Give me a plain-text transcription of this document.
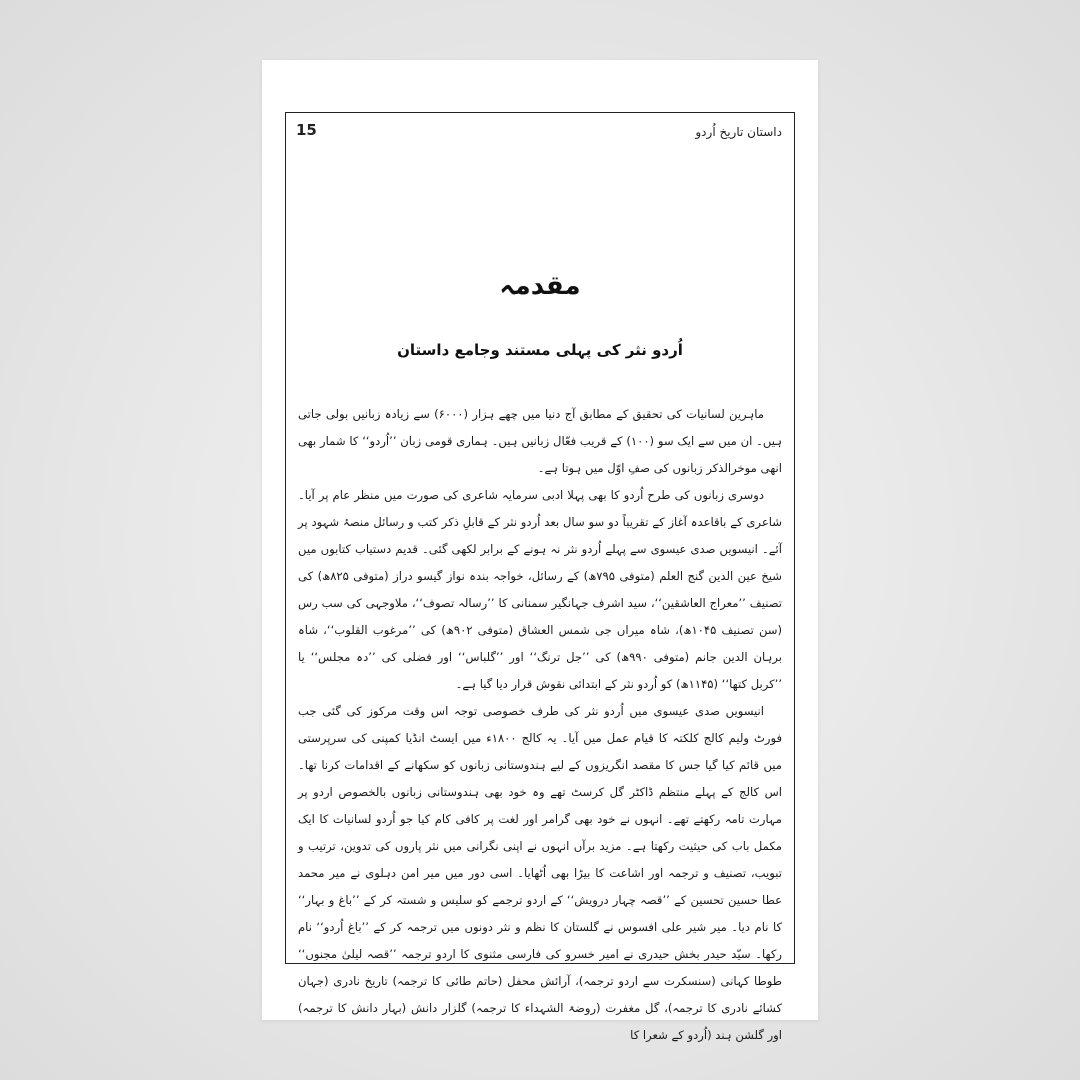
15	داستان تاریخ اُردو
مقدمہ
اُردو نثر کی پہلی مستند وجامع داستان

ماہرین لسانیات کی تحقیق کے مطابق آج دنیا میں چھے ہزار (۶۰۰۰) سے زیادہ زبانیں بولی جاتی ہیں۔ ان میں سے ایک سو (۱۰۰) کے قریب فعّال زبانیں ہیں۔ ہماری قومی زبان ’’اُردو‘‘ کا شمار بھی انھی موخرالذکر زبانوں کی صفِ اوّل میں ہوتا ہے۔

دوسری زبانوں کی طرح اُردو کا بھی پہلا ادبی سرمایہ شاعری کی صورت میں منظر عام پر آیا۔ شاعری کے باقاعدہ آغاز کے تقریباً دو سو سال بعد اُردو نثر کے قابلِ ذکر کتب و رسائل منصۂ شہود پر آئے۔ انیسویں صدی عیسوی سے پہلے اُردو نثر نہ ہونے کے برابر لکھی گئی۔ قدیم دستیاب کتابوں میں شیخ عین الدین گنج العلم (متوفی ۷۹۵ھ) کے رسائل، خواجہ بندہ نواز گیسو دراز (متوفی ۸۲۵ھ) کی تصنیف ’’معراج العاشقین‘‘، سید اشرف جہانگیر سمنانی کا ’’رسالہ تصوف‘‘، ملاوجہی کی سب رس (سن تصنیف ۱۰۴۵ھ)، شاہ میراں جی شمس العشاق (متوفی ۹۰۲ھ) کی ’’مرغوب القلوب‘‘، شاہ برہان الدین جانم (متوفی ۹۹۰ھ) کی ’’جل ترنگ‘‘ اور ’’گلباس‘‘ اور فضلی کی ’’دہ مجلس‘‘ یا ’’کربل کتھا‘‘ (۱۱۴۵ھ) کو اُردو نثر کے ابتدائی نقوش قرار دیا گیا ہے۔

انیسویں صدی عیسوی میں اُردو نثر کی طرف خصوصی توجہ اس وقت مرکوز کی گئی جب فورٹ ولیم کالج کلکتہ کا قیام عمل میں آیا۔ یہ کالج ۱۸۰۰ء میں ایسٹ انڈیا کمپنی کی سرپرستی میں قائم کیا گیا جس کا مقصد انگریزوں کے لیے ہندوستانی زبانوں کو سکھانے کے اقدامات کرنا تھا۔ اس کالج کے پہلے منتظم ڈاکٹر گل کرسٹ تھے وہ خود بھی ہندوستانی زبانوں بالخصوص اردو پر مہارت تامہ رکھتے تھے۔ انہوں نے خود بھی گرامر اور لغت پر کافی کام کیا جو اُردو لسانیات کا ایک مکمل باب کی حیثیت رکھتا ہے۔ مزید برآں انہوں نے اپنی نگرانی میں نثر پاروں کی تدوین، ترتیب و تبویب، تصنیف و ترجمہ اور اشاعت کا بیڑا بھی اُٹھایا۔ اسی دور میں میر امن دہلوی نے میر محمد عطا حسین تحسین کے ’’قصہ چہار درویش‘‘ کے اردو ترجمے کو سلیس و شستہ کر کے ’’باغ و بہار‘‘ کا نام دیا۔ میر شیر علی افسوس نے گلستان کا نظم و نثر دونوں میں ترجمہ کر کے ’’باغ اُردو‘‘ نام رکھا۔ سیّد حیدر بخش حیدری نے امیر خسرو کی فارسی مثنوی کا اردو ترجمہ ’’قصہ لیلیٰ مجنوں‘‘ طوطا کہانی (سنسکرت سے اردو ترجمہ)، آرائش محفل (حاتم طائی کا ترجمہ) تاریخ نادری (جہان کشائے نادری کا ترجمہ)، گل مغفرت (روضۃ الشہداء کا ترجمہ) گلزار دانش (بہار دانش کا ترجمہ) اور گلشن ہند (اُردو کے شعرا کا
